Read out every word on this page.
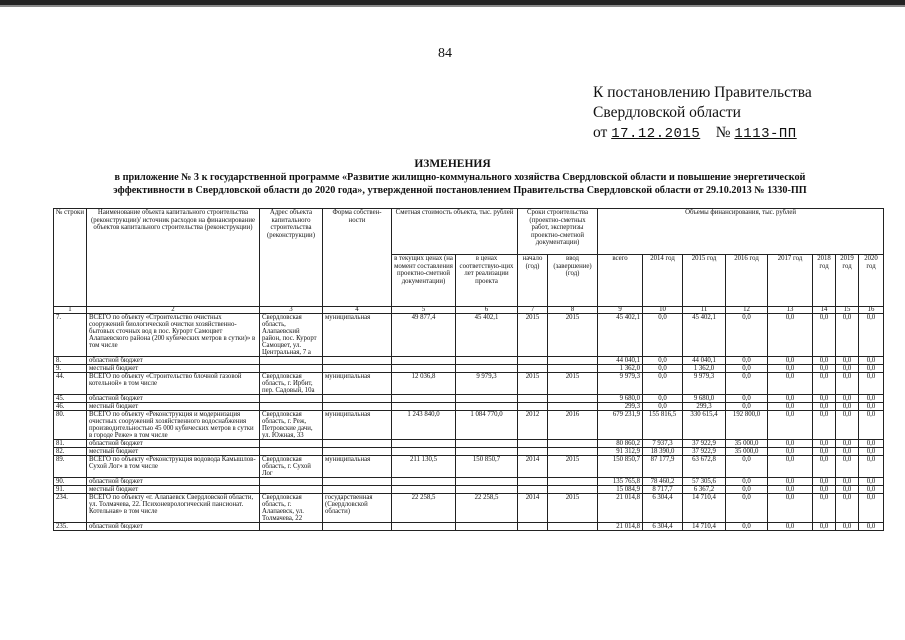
84
К постановлению Правительства
Свердловской области
от 17.12.2015 № 1113-ПП
ИЗМЕНЕНИЯ
в приложение № 3 к государственной программе «Развитие жилищно-коммунального хозяйства Свердловской области и повышение энергетической
эффективности в Свердловской области до 2020 года», утвержденной постановлением Правительства Свердловской области от 29.10.2013 № 1330-ПП
№ строки	Наименование объекта капитального строительства (реконструкции)/ источник расходов на финансирование объектов капитального строительства (реконструкции)	Адрес объекта капитального строительства (реконструкции)	Форма собствен-ности	Сметная стоимость объекта, тыс. рублей		Сроки строительства (проектно-сметных работ, экспертизы проектно-сметной документации)		Объемы финансирования, тыс. рублей							
				в текущих ценах (на момент составления проектно-сметной документации)	в ценах соответствую-щих лет реализации проекта	начало (год)	ввод (завершение) (год)	всего	2014 год	2015 год	2016 год	2017 год	2018 год	2019 год	2020 год
1	2	3	4	5	6	7	8	9	10	11	12	13	14	15	16
7.	ВСЕГО по объекту «Строительство очистных сооружений биологической очистки хозяйственно-бытовых сточных вод в пос. Курорт Самоцвет Алапаевского района (200 кубических метров в сутки)» в том числе	Свердловская область, Алапаевский район, пос. Курорт Самоцвет, ул. Центральная, 7 а	муниципальная	49 877,4	45 402,1	2015	2015	45 402,1	0,0	45 402,1	0,0	0,0	0,0	0,0	0,0
8.	областной бюджет							44 040,1	0,0	44 040,1	0,0	0,0	0,0	0,0	0,0
9.	местный бюджет							1 362,0	0,0	1 362,0	0,0	0,0	0,0	0,0	0,0
44.	ВСЕГО по объекту «Строительство блочной газовой котельной» в том числе	Свердловская область, г. Ирбит, пер. Садовый, 10а	муниципальная	12 036,8	9 979,3	2015	2015	9 979,3	0,0	9 979,3	0,0	0,0	0,0	0,0	0,0
45.	областной бюджет							9 680,0	0,0	9 680,0	0,0	0,0	0,0	0,0	0,0
46.	местный бюджет							299,3	0,0	299,3	0,0	0,0	0,0	0,0	0,0
80.	ВСЕГО по объекту «Реконструкция и модернизация очистных сооружений хозяйственного водоснабжения производительностью 45 000 кубических метров в сутки в городе Реже» в том числе	Свердловская область, г. Реж, Петровские дачи, ул. Южная, 33	муниципальная	1 243 840,0	1 084 770,0	2012	2016	679 231,9	155 816,5	330 615,4	192 800,0	0,0	0,0	0,0	0,0
81.	областной бюджет							80 860,2	7 937,3	37 922,9	35 000,0	0,0	0,0	0,0	0,0
82.	местный бюджет							91 312,9	18 390,0	37 922,9	35 000,0	0,0	0,0	0,0	0,0
89.	ВСЕГО по объекту «Реконструкция водовода Камышлов-Сухой Лог» в том числе	Свердловская область, г. Сухой Лог	муниципальная	211 130,5	150 850,7	2014	2015	150 850,7	87 177,9	63 672,8	0,0	0,0	0,0	0,0	0,0
90.	областной бюджет							135 765,8	78 460,2	57 305,6	0,0	0,0	0,0	0,0	0,0
91.	местный бюджет							15 084,9	8 717,7	6 367,2	0,0	0,0	0,0	0,0	0,0
234.	ВСЕГО по объекту «г. Алапаевск Свердловской области, ул. Толмачева, 22. Психоневрологический пансионат. Котельная» в том числе	Свердловская область, г. Алапаевск, ул. Толмачева, 22	государственная (Свердловской области)	22 258,5	22 258,5	2014	2015	21 014,8	6 304,4	14 710,4	0,0	0,0	0,0	0,0	0,0
235.	областной бюджет							21 014,8	6 304,4	14 710,4	0,0	0,0	0,0	0,0	0,0
